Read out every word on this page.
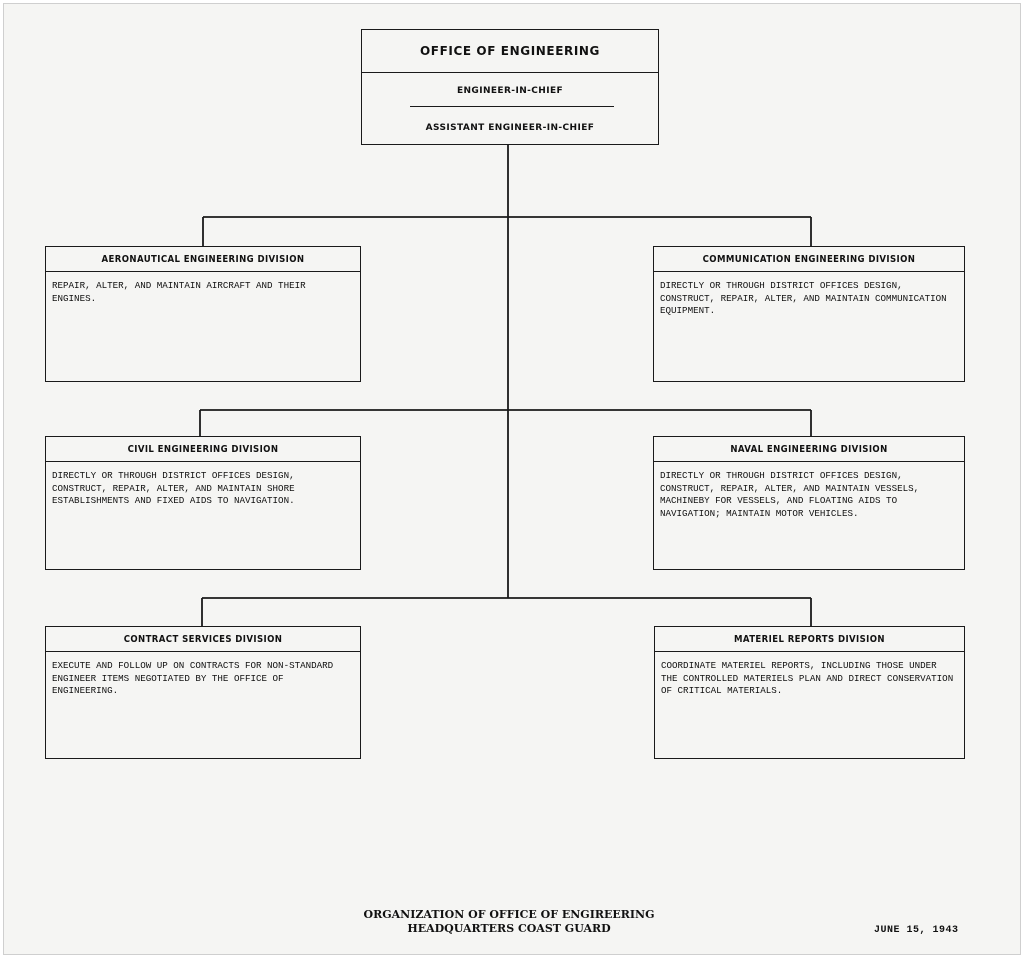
OFFICE OF ENGINEERING
ENGINEER-IN-CHIEF
ASSISTANT ENGINEER-IN-CHIEF
AERONAUTICAL ENGINEERING DIVISION
REPAIR, ALTER, AND MAINTAIN AIRCRAFT AND THEIR ENGINES.
COMMUNICATION ENGINEERING DIVISION
DIRECTLY OR THROUGH DISTRICT OFFICES DESIGN, CONSTRUCT, REPAIR, ALTER, AND MAINTAIN COMMUNICATION EQUIPMENT.
CIVIL ENGINEERING DIVISION
DIRECTLY OR THROUGH DISTRICT OFFICES DESIGN, CONSTRUCT, REPAIR, ALTER, AND MAINTAIN SHORE ESTABLISHMENTS AND FIXED AIDS TO NAVIGATION.
NAVAL ENGINEERING DIVISION
DIRECTLY OR THROUGH DISTRICT OFFICES DESIGN, CONSTRUCT, REPAIR, ALTER, AND MAINTAIN VESSELS, MACHINEBY FOR VESSELS, AND FLOATING AIDS TO NAVIGATION; MAINTAIN MOTOR VEHICLES.
CONTRACT SERVICES DIVISION
EXECUTE AND FOLLOW UP ON CONTRACTS FOR NON-STANDARD ENGINEER ITEMS NEGOTIATED BY THE OFFICE OF ENGINEERING.
MATERIEL REPORTS DIVISION
COORDINATE MATERIEL REPORTS, INCLUDING THOSE UNDER THE CONTROLLED MATERIELS PLAN AND DIRECT CONSERVATION OF CRITICAL MATERIALS.
ORGANIZATION OF OFFICE OF ENGIREERING
HEADQUARTERS COAST GUARD	JUNE 15, 1943
